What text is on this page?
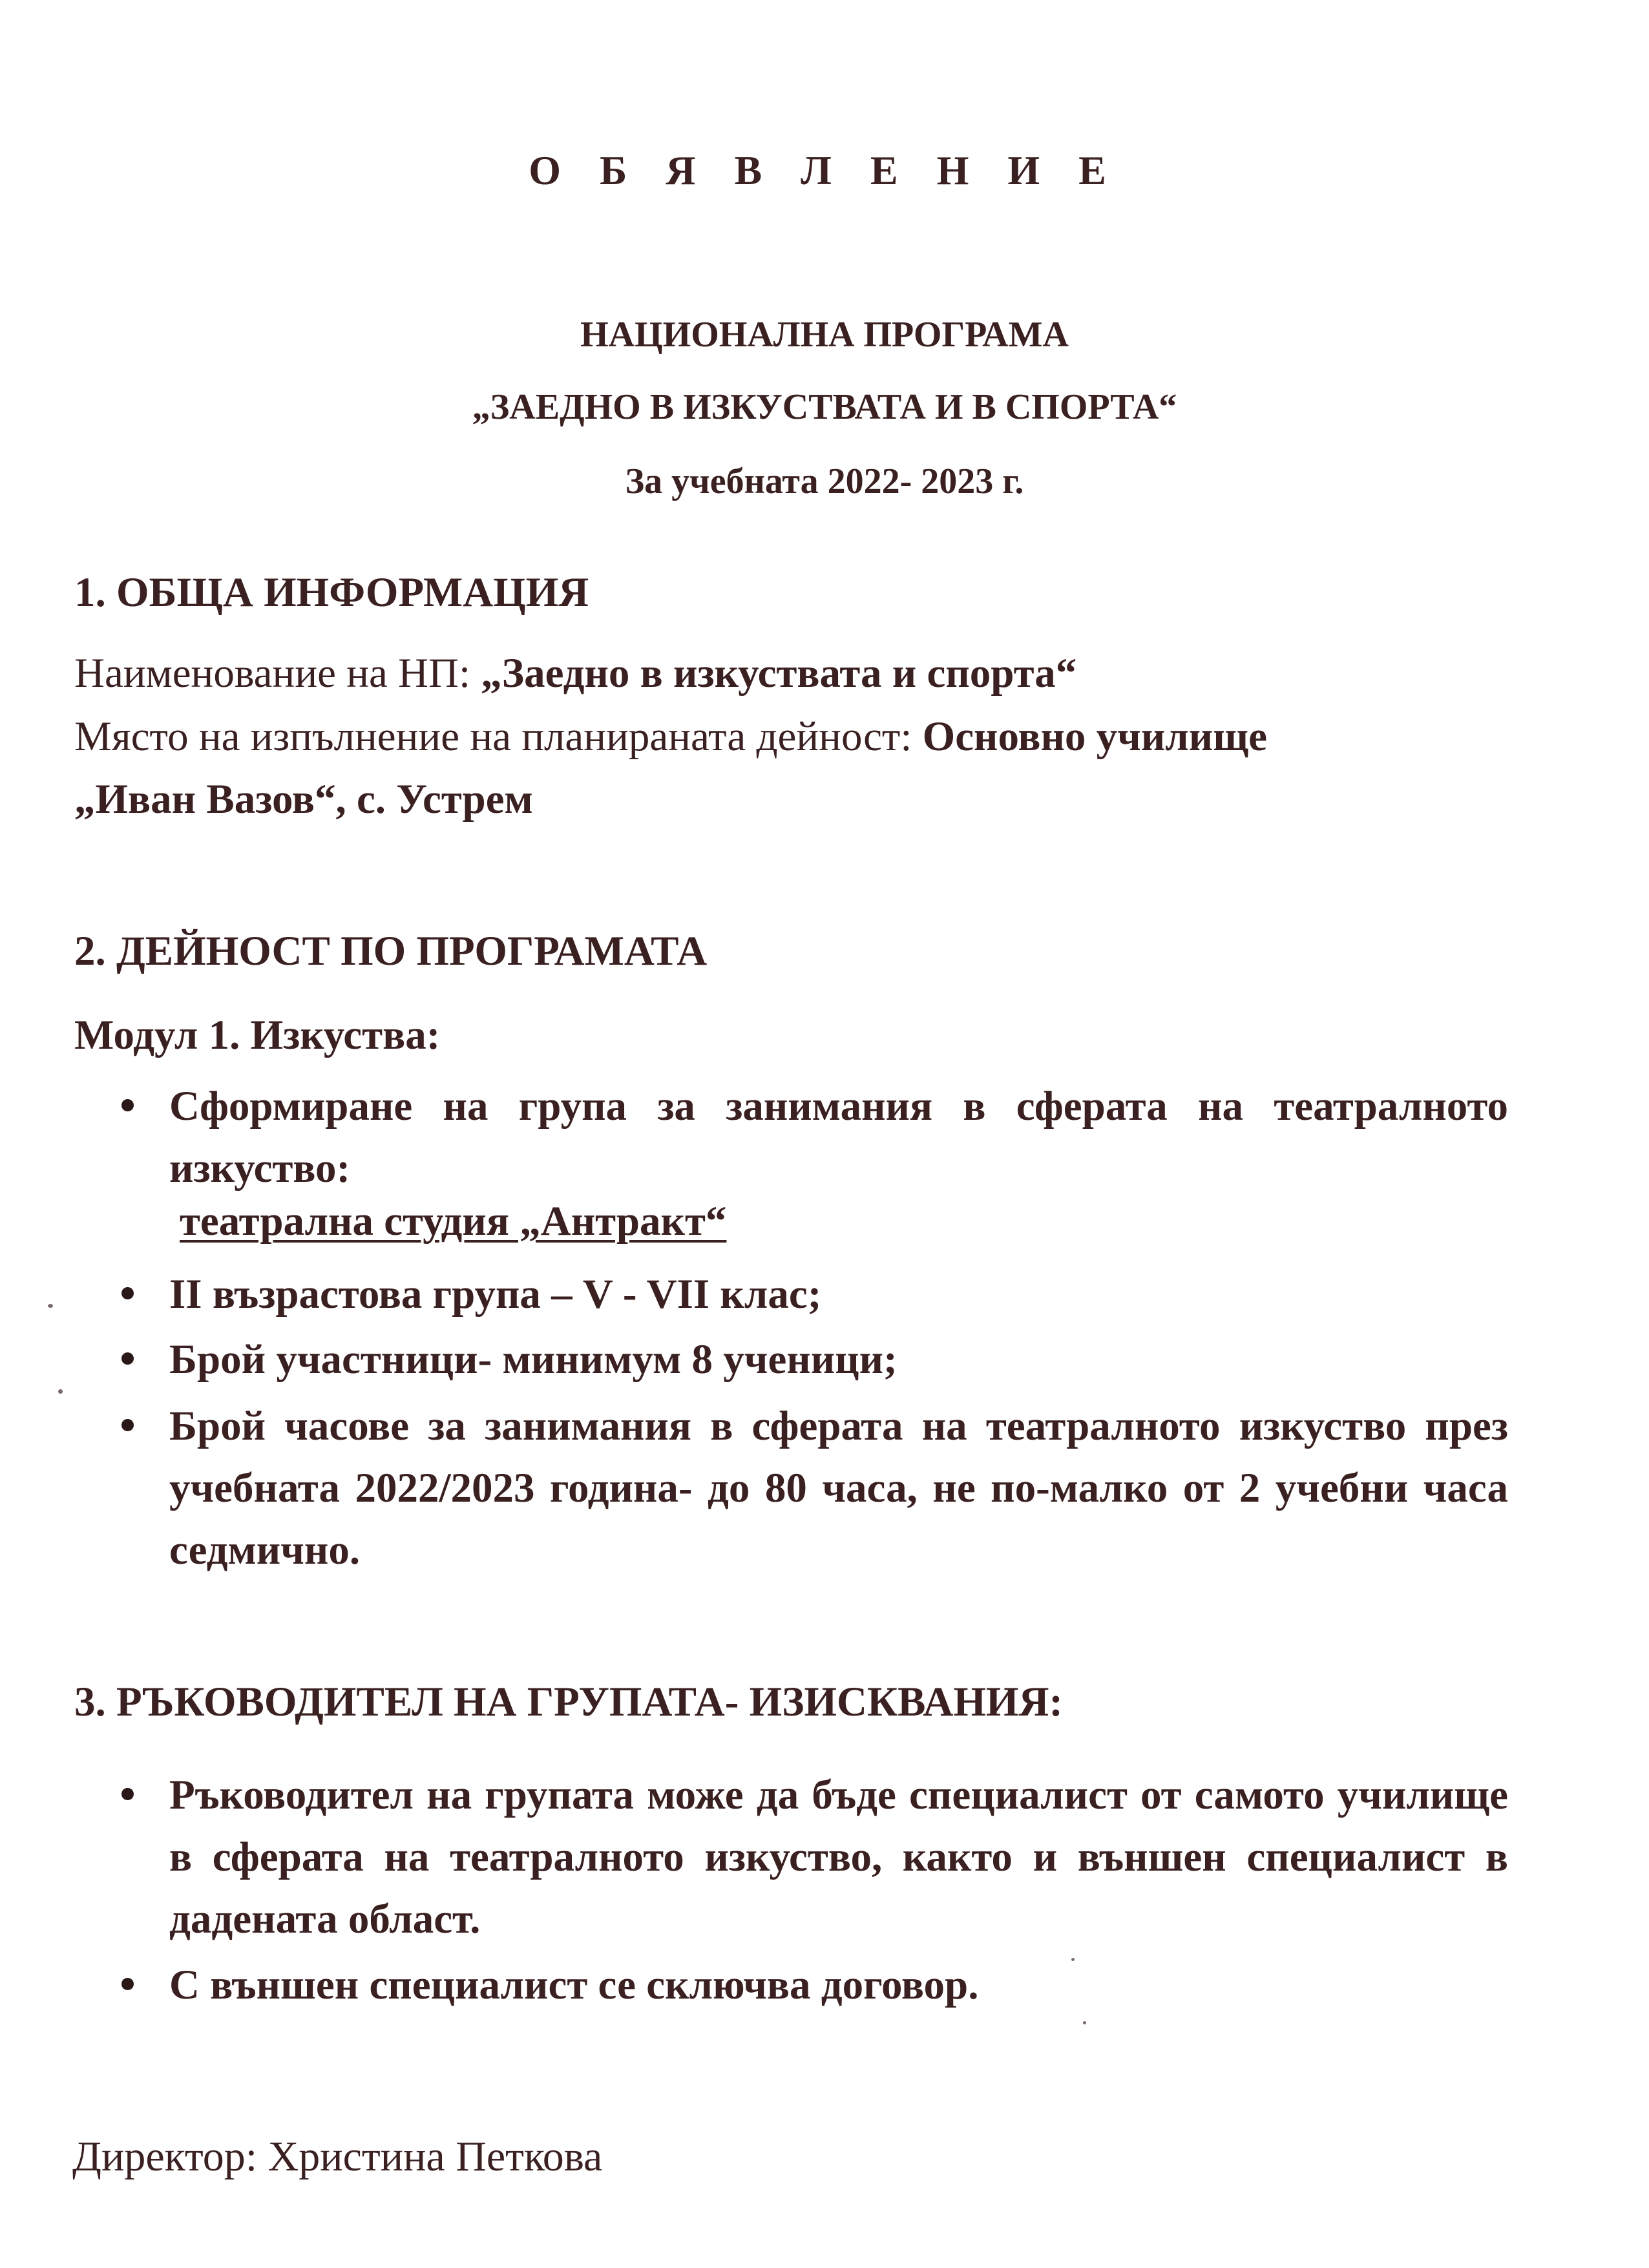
О Б Я В Л Е Н И Е

НАЦИОНАЛНА ПРОГРАМА

„ЗАЕДНО В ИЗКУСТВАТА И В СПОРТА“

За учебната 2022- 2023 г.

1. ОБЩА ИНФОРМАЦИЯ

Наименование на НП: „Заедно в изкуствата и спорта“

Място на изпълнение на планираната дейност: Основно училище

„Иван Вазов“, с. Устрем

2. ДЕЙНОСТ ПО ПРОГРАМАТА

Модул 1. Изкуства:

Сформиране на група за занимания в сферата на театралното изкуство:

II възрастова група – V - VII клас;

Брой участници- минимум 8 ученици;

Брой часове за занимания в сферата на театралното изкуство през учебната 2022/2023 година- до 80 часа, не по-малко от 2 учебни часа седмично.

театрална студия „Антракт“

3. РЪКОВОДИТЕЛ НА ГРУПАТА- ИЗИСКВАНИЯ:

Ръководител на групата може да бъде специалист от самото училище в сферата на театралното изкуство, както и външен специалист в дадената област.

С външен специалист се сключва договор.

Директор: Христина Петкова
